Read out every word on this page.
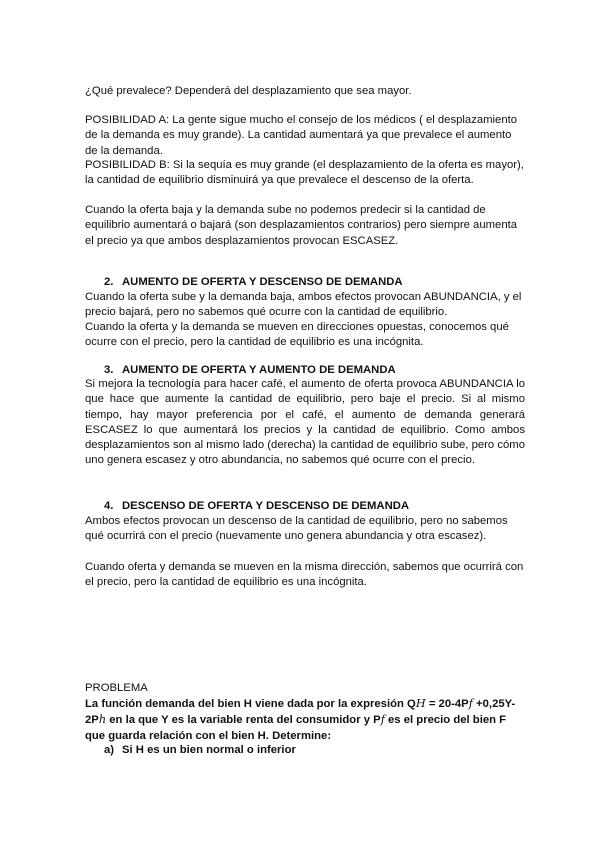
¿Qué prevalece? Dependerá del desplazamiento que sea mayor.

POSIBILIDAD A: La gente sigue mucho el consejo de los médicos ( el desplazamiento de la demanda es muy grande). La cantidad aumentará ya que prevalece el aumento de la demanda.

POSIBILIDAD B: Si la sequía es muy grande (el desplazamiento de la oferta es mayor), la cantidad de equilibrio disminuirá ya que prevalece el descenso de la oferta.

Cuando la oferta baja y la demanda sube no podemos predecir si la cantidad de equilibrio aumentará o bajará (son desplazamientos contrarios) pero siempre aumenta el precio ya que ambos desplazamientos provocan ESCASEZ.

2. AUMENTO DE OFERTA Y DESCENSO DE DEMANDA

Cuando la oferta sube y la demanda baja, ambos efectos provocan ABUNDANCIA, y el precio bajará, pero no sabemos qué ocurre con la cantidad de equilibrio.

Cuando la oferta y la demanda se mueven en direcciones opuestas, conocemos qué ocurre con el precio, pero la cantidad de equilibrio es una incógnita.

3. AUMENTO DE OFERTA Y AUMENTO DE DEMANDA

Si mejora la tecnología para hacer café, el aumento de oferta provoca ABUNDANCIA lo que hace que aumente la cantidad de equilibrio, pero baje el precio. Si al mismo tiempo, hay mayor preferencia por el café, el aumento de demanda generará ESCASEZ lo que aumentará los precios y la cantidad de equilibrio. Como ambos desplazamientos son al mismo lado (derecha) la cantidad de equilibrio sube, pero cómo uno genera escasez y otro abundancia, no sabemos qué ocurre con el precio.

4. DESCENSO DE OFERTA Y DESCENSO DE DEMANDA

Ambos efectos provocan un descenso de la cantidad de equilibrio, pero no sabemos qué ocurrirá con el precio (nuevamente uno genera abundancia y otra escasez).

Cuando oferta y demanda se mueven en la misma dirección, sabemos que ocurrirá con el precio, pero la cantidad de equilibrio es una incógnita.

PROBLEMA

La función demanda del bien H viene dada por la expresión QH = 20-4Pf +0,25Y-2Ph en la que Y es la variable renta del consumidor y Pf es el precio del bien F que guarda relación con el bien H. Determine:

a) Si H es un bien normal o inferior
